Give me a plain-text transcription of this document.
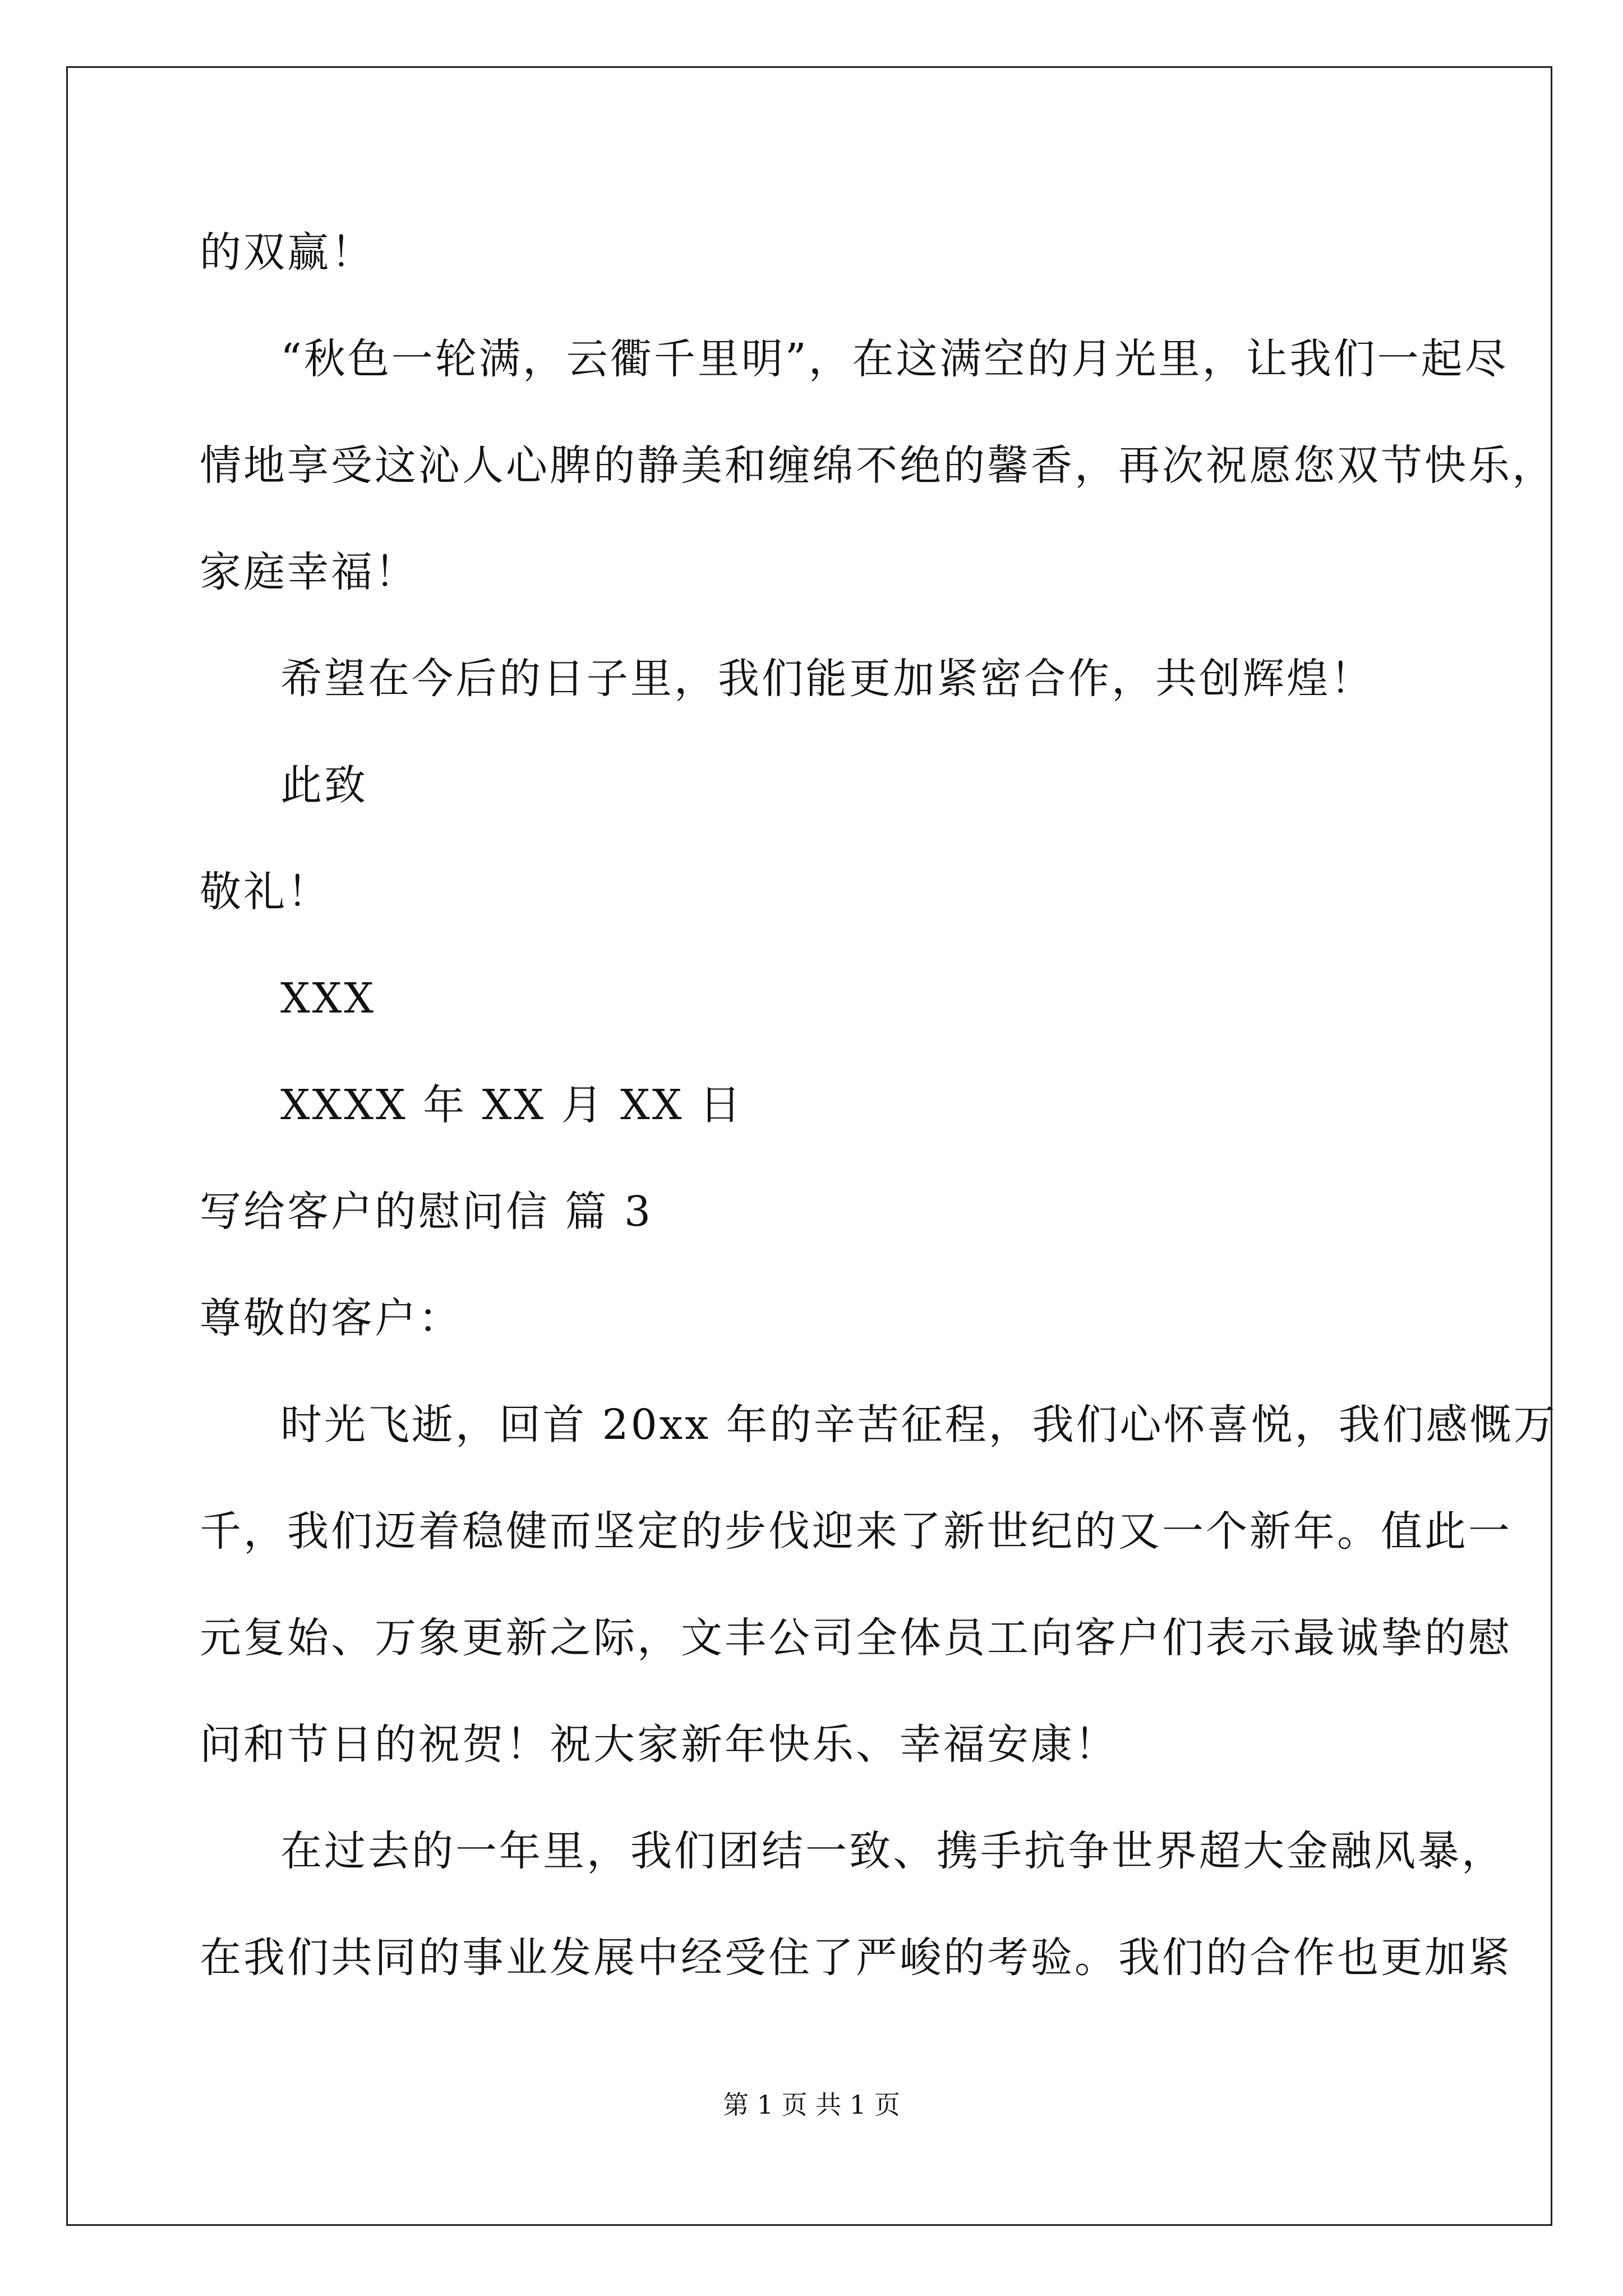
的双赢！
“秋色一轮满，云衢千里明”，在这满空的月光里，让我们一起尽
情地享受这沁人心脾的静美和缠绵不绝的馨香，再次祝愿您双节快乐，
家庭幸福！
希望在今后的日子里，我们能更加紧密合作，共创辉煌！
此致
敬礼！
XXX
XXXX 年 XX 月 XX 日
写给客户的慰问信 篇 3
尊敬的客户：
时光飞逝，回首 20xx 年的辛苦征程，我们心怀喜悦，我们感慨万
千，我们迈着稳健而坚定的步伐迎来了新世纪的又一个新年。值此一
元复始、万象更新之际，文丰公司全体员工向客户们表示最诚挚的慰
问和节日的祝贺！祝大家新年快乐、幸福安康！
在过去的一年里，我们团结一致、携手抗争世界超大金融风暴，
在我们共同的事业发展中经受住了严峻的考验。我们的合作也更加紧
第 1 页 共 1 页
